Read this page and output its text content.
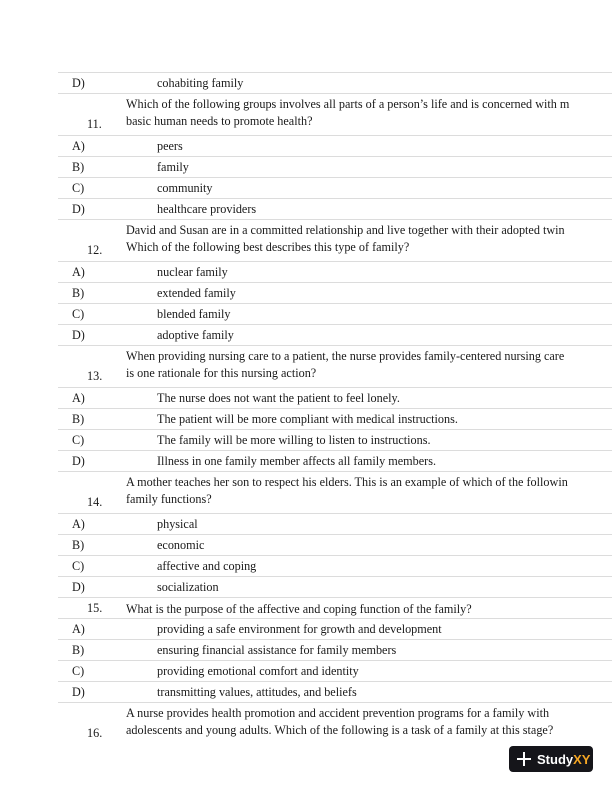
D)	cohabiting family
11.
Which of the following groups involves all parts of a person’s life and is concerned with m
basic human needs to promote health?
A)	peers
B)	family
C)	community
D)	healthcare providers
12.
David and Susan are in a committed relationship and live together with their adopted twin
Which of the following best describes this type of family?
A)	nuclear family
B)	extended family
C)	blended family
D)	adoptive family
13.
When providing nursing care to a patient, the nurse provides family-centered nursing care
is one rationale for this nursing action?
A)	The nurse does not want the patient to feel lonely.
B)	The patient will be more compliant with medical instructions.
C)	The family will be more willing to listen to instructions.
D)	Illness in one family member affects all family members.
14.
A mother teaches her son to respect his elders. This is an example of which of the followin
family functions?
A)	physical
B)	economic
C)	affective and coping
D)	socialization
15. What is the purpose of the affective and coping function of the family?
A)	providing a safe environment for growth and development
B)	ensuring financial assistance for family members
C)	providing emotional comfort and identity
D)	transmitting values, attitudes, and beliefs
16.
A nurse provides health promotion and accident prevention programs for a family with
adolescents and young adults. Which of the following is a task of a family at this stage?
Study XY
